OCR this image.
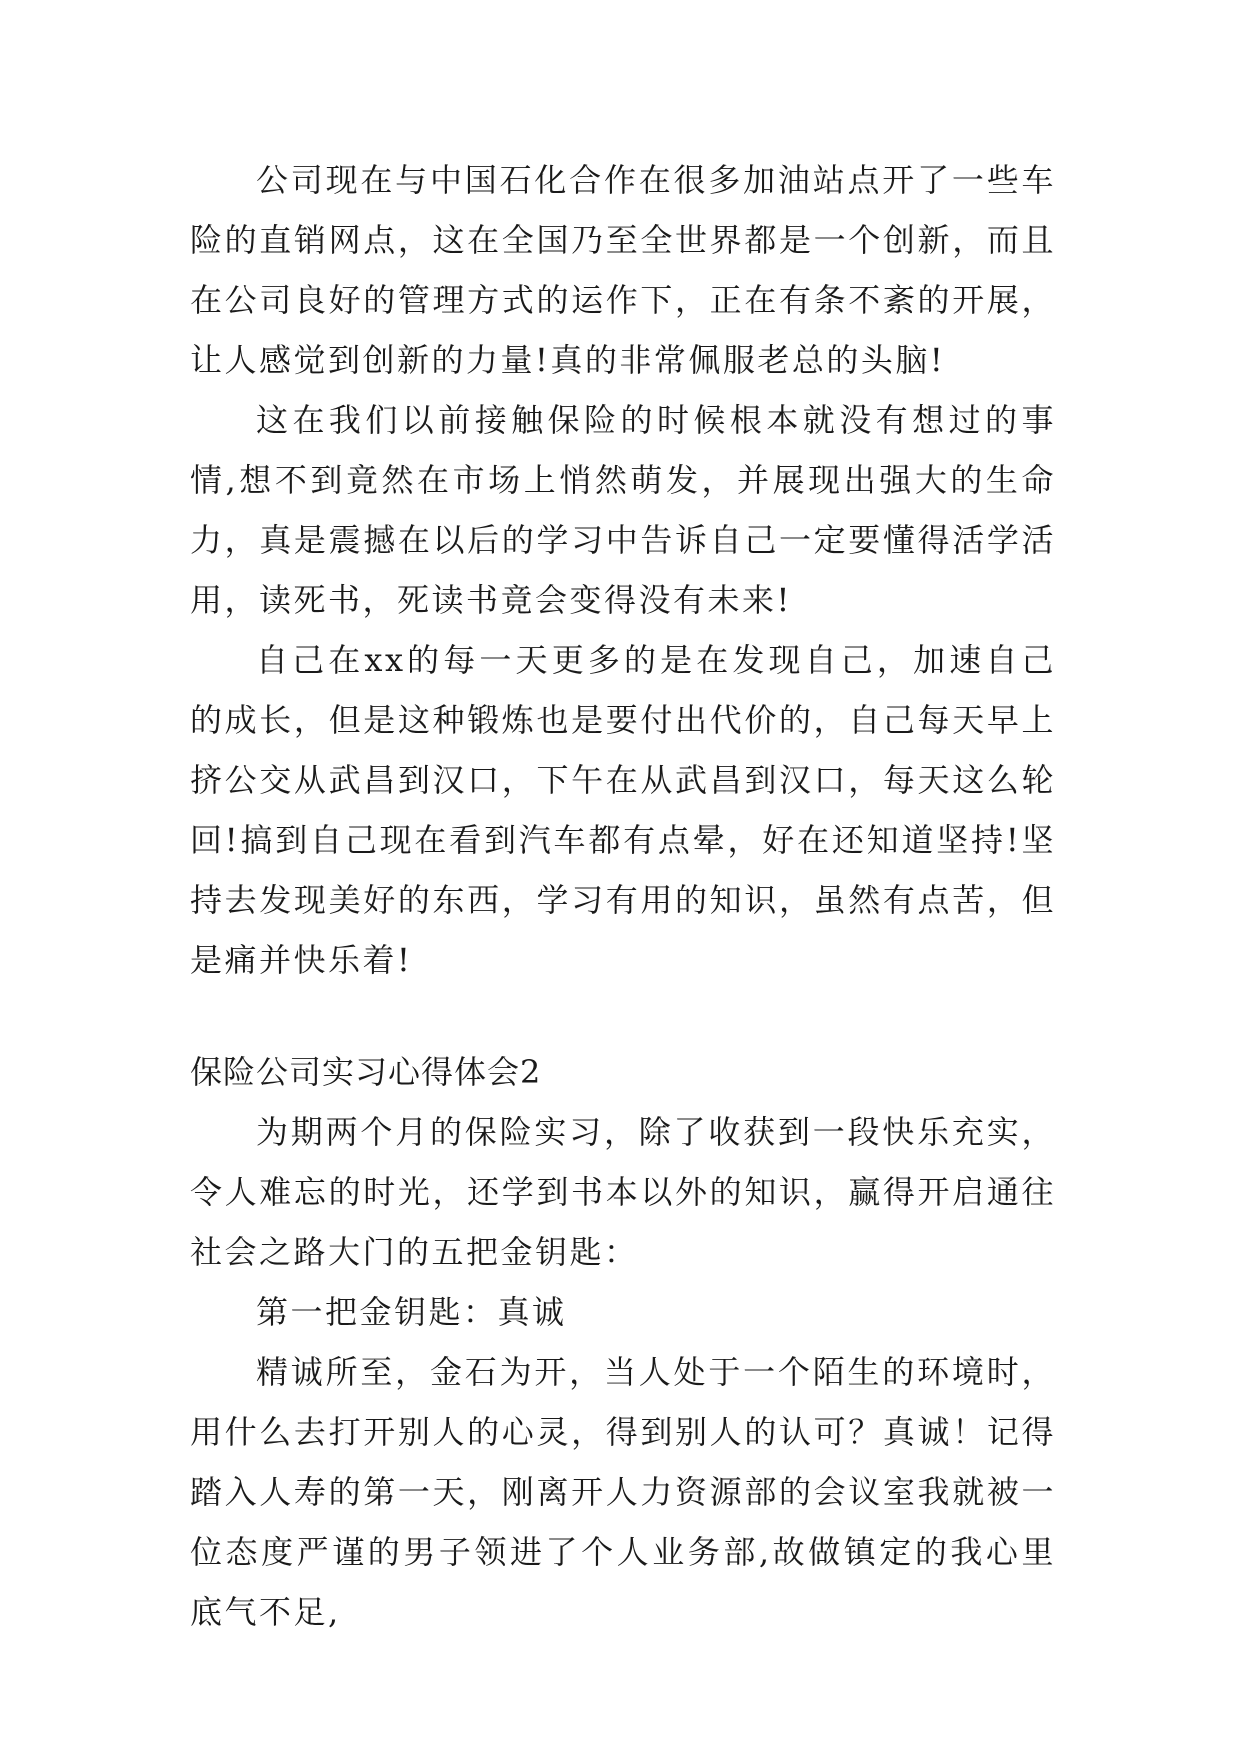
公司现在与中国石化合作在很多加油站点开了一些车险的直销网点，这在全国乃至全世界都是一个创新，而且在公司良好的管理方式的运作下，正在有条不紊的开展，让人感觉到创新的力量!真的非常佩服老总的头脑!

这在我们以前接触保险的时候根本就没有想过的事情,想不到竟然在市场上悄然萌发，并展现出强大的生命力，真是震撼在以后的学习中告诉自己一定要懂得活学活用，读死书，死读书竟会变得没有未来!

自己在xx的每一天更多的是在发现自己，加速自己的成长，但是这种锻炼也是要付出代价的，自己每天早上挤公交从武昌到汉口，下午在从武昌到汉口，每天这么轮回!搞到自己现在看到汽车都有点晕，好在还知道坚持!坚持去发现美好的东西，学习有用的知识，虽然有点苦，但是痛并快乐着!

保险公司实习心得体会2

为期两个月的保险实习，除了收获到一段快乐充实，令人难忘的时光，还学到书本以外的知识，赢得开启通往社会之路大门的五把金钥匙：

第一把金钥匙：真诚

精诚所至，金石为开，当人处于一个陌生的环境时，用什么去打开别人的心灵，得到别人的认可？真诚！记得踏入人寿的第一天，刚离开人力资源部的会议室我就被一位态度严谨的男子领进了个人业务部,故做镇定的我心里底气不足,
